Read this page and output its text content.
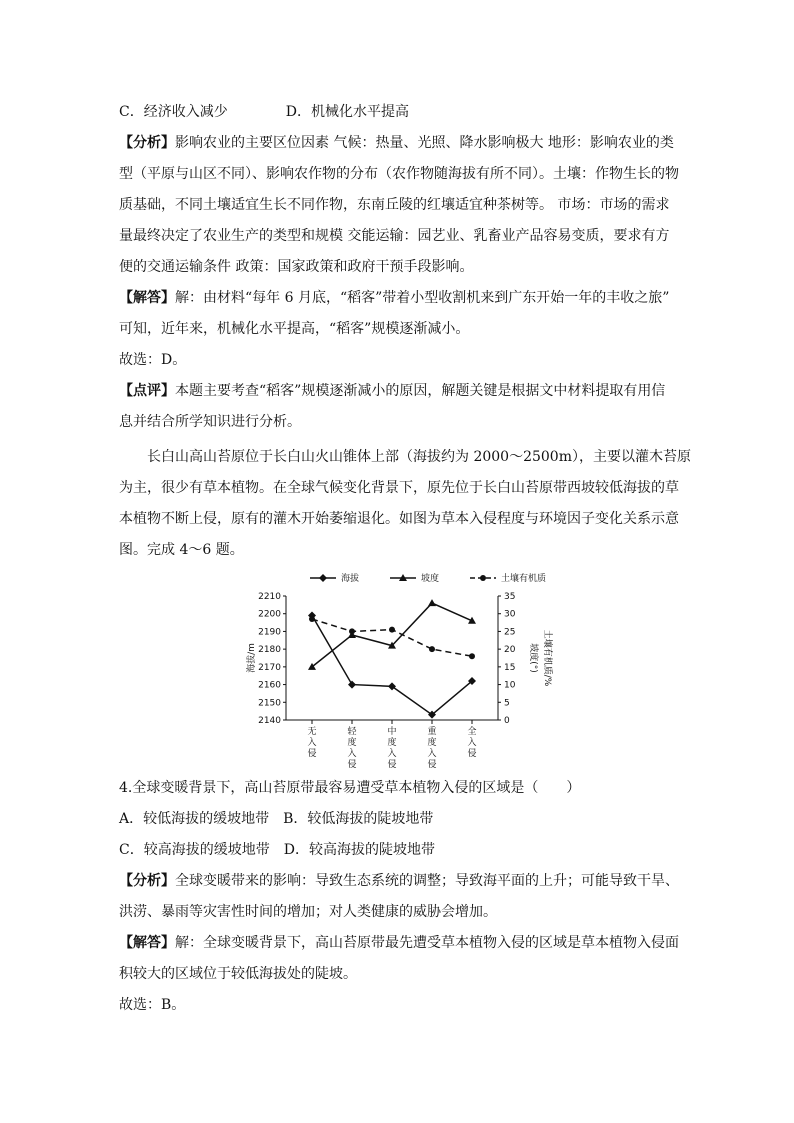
C．经济收入减少	D．机械化水平提高
【分析】影响农业的主要区位因素 气候：热量、光照、降水影响极大 地形：影响农业的类
型（平原与山区不同）、影响农作物的分布（农作物随海拔有所不同）。土壤：作物生长的物
质基础，不同土壤适宜生长不同作物，东南丘陵的红壤适宜种茶树等。 市场：市场的需求
量最终决定了农业生产的类型和规模 交能运输：园艺业、乳畜业产品容易变质，要求有方
便的交通运输条件 政策：国家政策和政府干预手段影响。
【解答】解：由材料“每年 6 月底，“稻客”带着小型收割机来到广东开始一年的丰收之旅”
可知，近年来，机械化水平提高，“稻客”规模逐渐减小。
故选：D。
【点评】本题主要考查“稻客”规模逐渐减小的原因，解题关键是根据文中材料提取有用信
息并结合所学知识进行分析。
长白山高山苔原位于长白山火山锥体上部（海拔约为 2000～2500m），主要以灌木苔原
为主，很少有草本植物。在全球气候变化背景下，原先位于长白山苔原带西坡较低海拔的草
本植物不断上侵，原有的灌木开始萎缩退化。如图为草本入侵程度与环境因子变化关系示意
图。完成 4～6 题。
2140
2150
2160
2170
2180
2190
2200
2210
0
5
10
15
20
25
30
35
海拔/m	坡度(°) 土壤有机质/%
无
入
侵
轻
度
入
侵
中
度
入
侵
重
度
入
侵
全
入
侵
海拔	坡度	土壤有机质
4.全球变暖背景下，高山苔原带最容易遭受草本植物入侵的区域是（　　）
A．较低海拔的缓坡地带 B．较低海拔的陡坡地带
C．较高海拔的缓坡地带 D．较高海拔的陡坡地带
【分析】全球变暖带来的影响：导致生态系统的调整；导致海平面的上升；可能导致干旱、
洪涝、暴雨等灾害性时间的增加；对人类健康的威胁会增加。
【解答】解：全球变暖背景下，高山苔原带最先遭受草本植物入侵的区域是草本植物入侵面
积较大的区域位于较低海拔处的陡坡。
故选：B。
